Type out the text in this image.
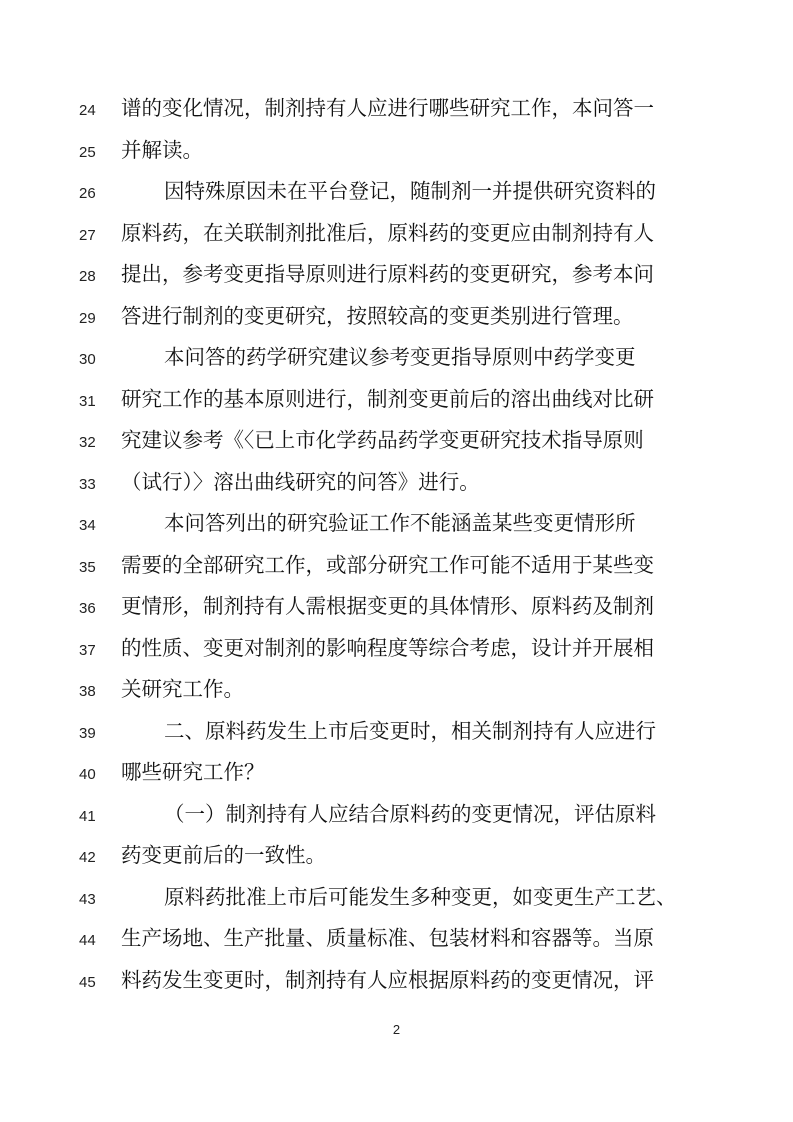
24	谱的变化情况，制剂持有人应进行哪些研究工作，本问答一
25	并解读。
26	因特殊原因未在平台登记，随制剂一并提供研究资料的
27	原料药，在关联制剂批准后，原料药的变更应由制剂持有人
28	提出，参考变更指导原则进行原料药的变更研究，参考本问
29	答进行制剂的变更研究，按照较高的变更类别进行管理。
30	本问答的药学研究建议参考变更指导原则中药学变更
31	研究工作的基本原则进行，制剂变更前后的溶出曲线对比研
32	究建议参考《〈已上市化学药品药学变更研究技术指导原则
33	（试行）〉溶出曲线研究的问答》进行。
34	本问答列出的研究验证工作不能涵盖某些变更情形所
35	需要的全部研究工作，或部分研究工作可能不适用于某些变
36	更情形，制剂持有人需根据变更的具体情形、原料药及制剂
37	的性质、变更对制剂的影响程度等综合考虑，设计并开展相
38	关研究工作。
39	二、原料药发生上市后变更时，相关制剂持有人应进行
40	哪些研究工作？
41	（一）制剂持有人应结合原料药的变更情况，评估原料
42	药变更前后的一致性。
43	原料药批准上市后可能发生多种变更，如变更生产工艺、
44	生产场地、生产批量、质量标准、包装材料和容器等。当原
45	料药发生变更时，制剂持有人应根据原料药的变更情况，评
2
